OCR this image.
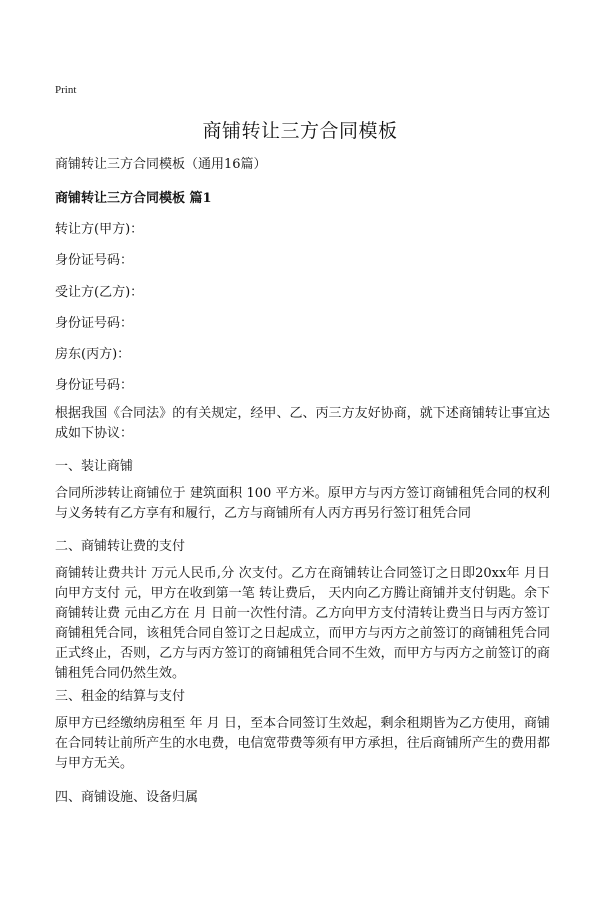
Print
商铺转让三方合同模板
商铺转让三方合同模板（通用16篇）
商铺转让三方合同模板 篇1
转让方(甲方)：
身份证号码：
受让方(乙方)：
身份证号码：
房东(丙方)：
身份证号码：

根据我国《合同法》的有关规定，经甲、乙、丙三方友好协商，就下述商铺转让事宜达成如下协议：

一、装让商铺

合同所涉转让商铺位于 建筑面积 100 平方米。原甲方与丙方签订商铺租凭合同的权利与义务转有乙方享有和履行，乙方与商铺所有人丙方再另行签订租凭合同

二、商铺转让费的支付

商铺转让费共计 万元人民币,分 次支付。乙方在商铺转让合同签订之日即20xx年 月日向甲方支付 元，甲方在收到第一笔 转让费后， 天内向乙方腾让商铺并支付钥匙。余下商铺转让费 元由乙方在 月 日前一次性付清。乙方向甲方支付清转让费当日与丙方签订商铺租凭合同，该租凭合同自签订之日起成立，而甲方与丙方之前签订的商铺租凭合同正式终止，否则，乙方与丙方签订的商铺租凭合同不生效，而甲方与丙方之前签订的商铺租凭合同仍然生效。

三、租金的结算与支付

原甲方已经缴纳房租至 年 月 日，至本合同签订生效起，剩余租期皆为乙方使用，商铺在合同转让前所产生的水电费，电信宽带费等须有甲方承担，往后商铺所产生的费用都与甲方无关。

四、商铺设施、设备归属
